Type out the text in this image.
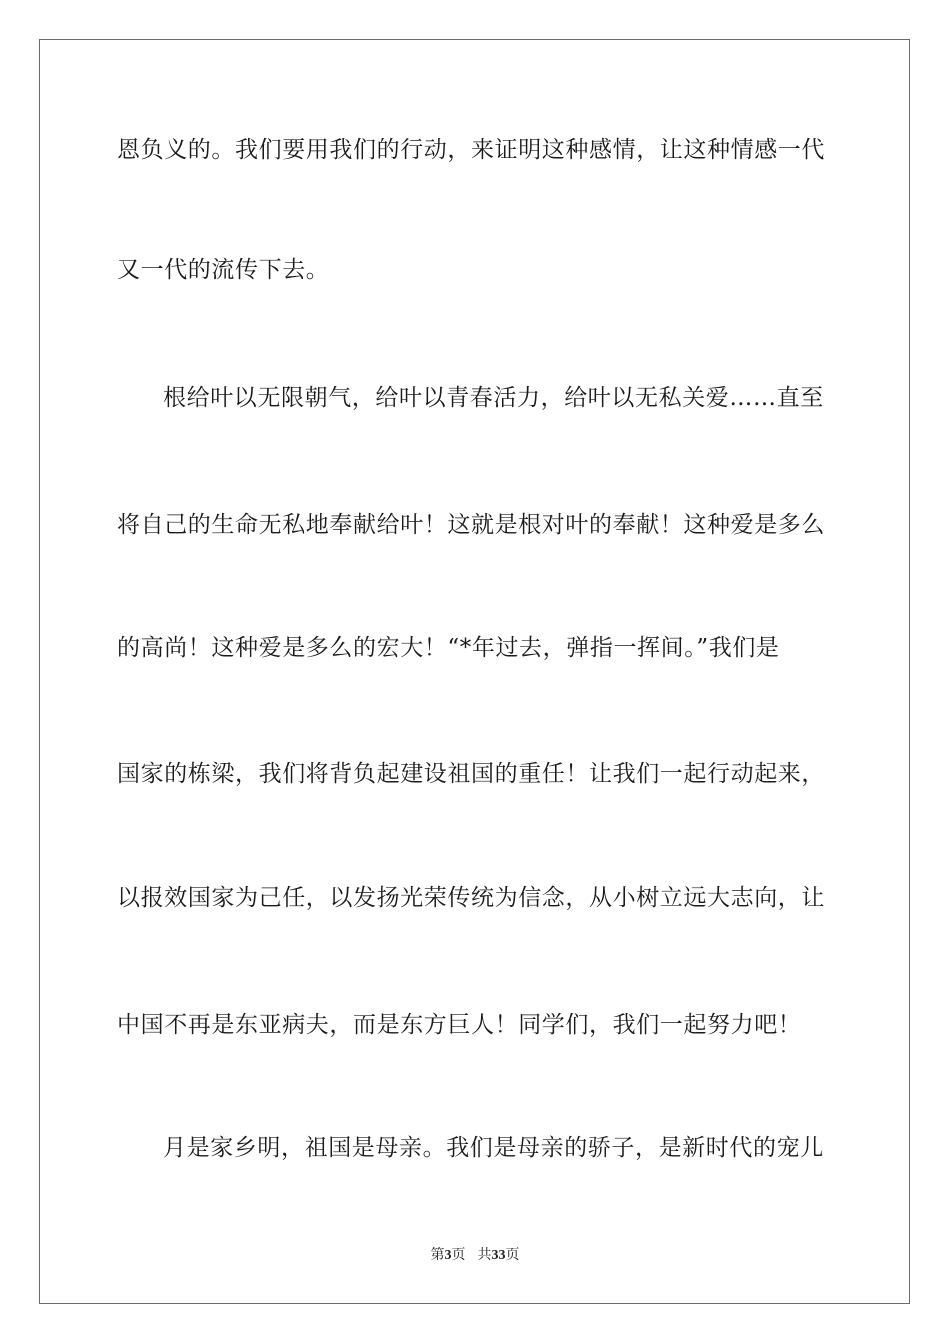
恩负义的。我们要用我们的行动，来证明这种感情，让这种情感一代
又一代的流传下去。
根给叶以无限朝气，给叶以青春活力，给叶以无私关爱……直至
将自己的生命无私地奉献给叶！这就是根对叶的奉献！这种爱是多么
的高尚！这种爱是多么的宏大！“*年过去，弹指一挥间。”我们是
国家的栋梁，我们将背负起建设祖国的重任！让我们一起行动起来，
以报效国家为己任，以发扬光荣传统为信念，从小树立远大志向，让
中国不再是东亚病夫，而是东方巨人！同学们，我们一起努力吧！
月是家乡明，祖国是母亲。我们是母亲的骄子，是新时代的宠儿
第3页 共33页
